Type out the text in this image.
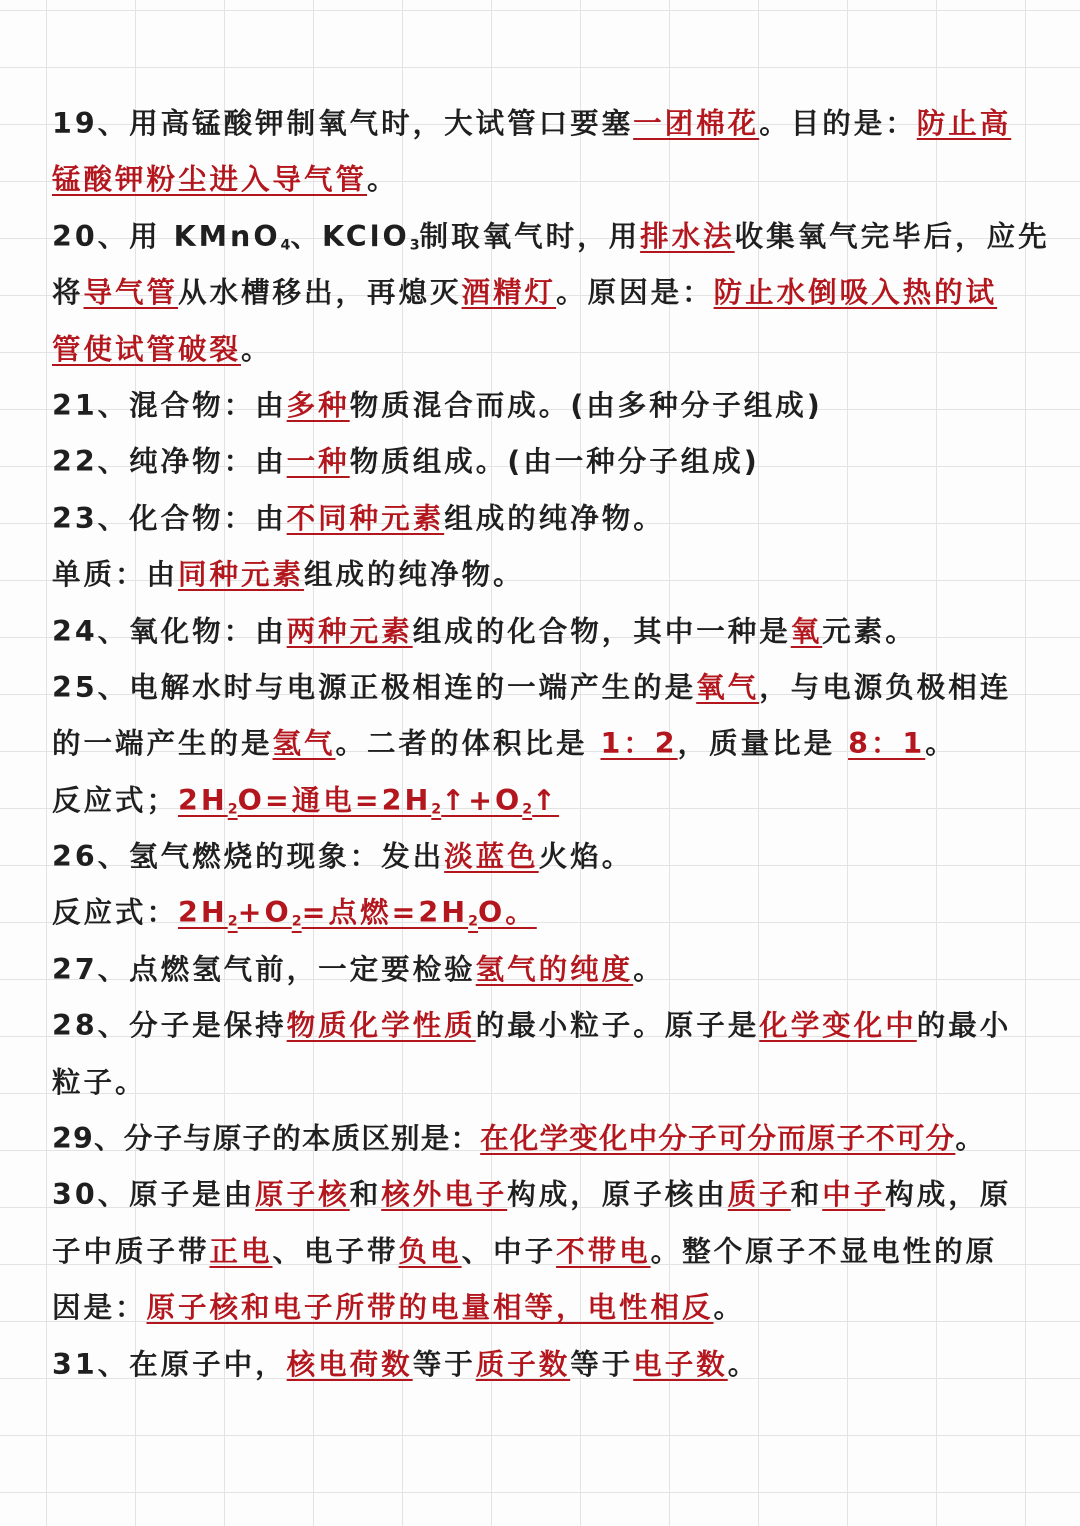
19、用高锰酸钾制氧气时，大试管口要塞一团棉花。目的是：防止高
锰酸钾粉尘进入导气管。
20、用 KMnO$_4$、KClO$_3$制取氧气时，用排水法收集氧气完毕后，应先
将导气管从水槽移出，再熄灭酒精灯。原因是：防止水倒吸入热的试
管使试管破裂。
21、混合物：由多种物质混合而成。(由多种分子组成)
22、纯净物：由一种物质组成。(由一种分子组成)
23、化合物：由不同种元素组成的纯净物。
单质：由同种元素组成的纯净物。
24、氧化物：由两种元素组成的化合物，其中一种是氧元素。
25、电解水时与电源正极相连的一端产生的是氧气，与电源负极相连
的一端产生的是氢气。二者的体积比是 1：2，质量比是 8：1。
反应式；$2H_2O=$通电$=2H_2↑+O_2↑$
26、氢气燃烧的现象：发出淡蓝色火焰。
反应式：$2H_2+O_2=$点燃$=2H_2O$。
27、点燃氢气前，一定要检验氢气的纯度。
28、分子是保持物质化学性质的最小粒子。原子是化学变化中的最小
粒子。
29、分子与原子的本质区别是：在化学变化中分子可分而原子不可分。
30、原子是由原子核和核外电子构成，原子核由质子和中子构成，原
子中质子带正电、电子带负电、中子不带电。整个原子不显电性的原
因是：原子核和电子所带的电量相等，电性相反。
31、在原子中，核电荷数等于质子数等于电子数。
